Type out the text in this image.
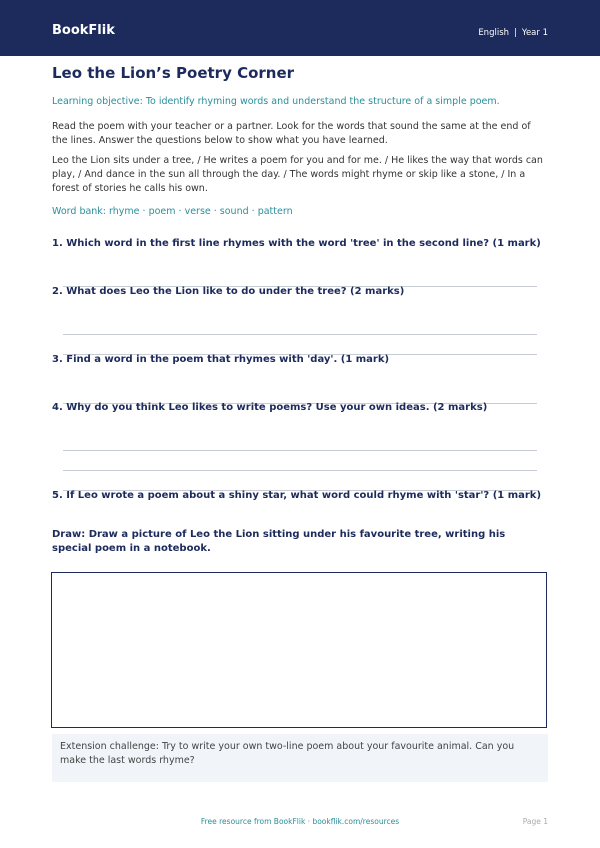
BookFlik	English | Year 1
Leo the Lion’s Poetry Corner

Learning objective: To identify rhyming words and understand the structure of a simple poem.

Read the poem with your teacher or a partner. Look for the words that sound the same at the end of the lines. Answer the questions below to show what you have learned.

Leo the Lion sits under a tree, / He writes a poem for you and for me. / He likes the way that words can play, / And dance in the sun all through the day. / The words might rhyme or skip like a stone, / In a forest of stories he calls his own.

Word bank: rhyme · poem · verse · sound · pattern

1. Which word in the first line rhymes with the word 'tree' in the second line? (1 mark)

2. What does Leo the Lion like to do under the tree? (2 marks)

3. Find a word in the poem that rhymes with 'day'. (1 mark)

4. Why do you think Leo likes to write poems? Use your own ideas. (2 marks)

5. If Leo wrote a poem about a shiny star, what word could rhyme with 'star'? (1 mark)

Draw: Draw a picture of Leo the Lion sitting under his favourite tree, writing his special poem in a notebook.

Extension challenge: Try to write your own two-line poem about your favourite animal. Can you make the last words rhyme?
Free resource from BookFlik · bookflik.com/resources	Page 1
